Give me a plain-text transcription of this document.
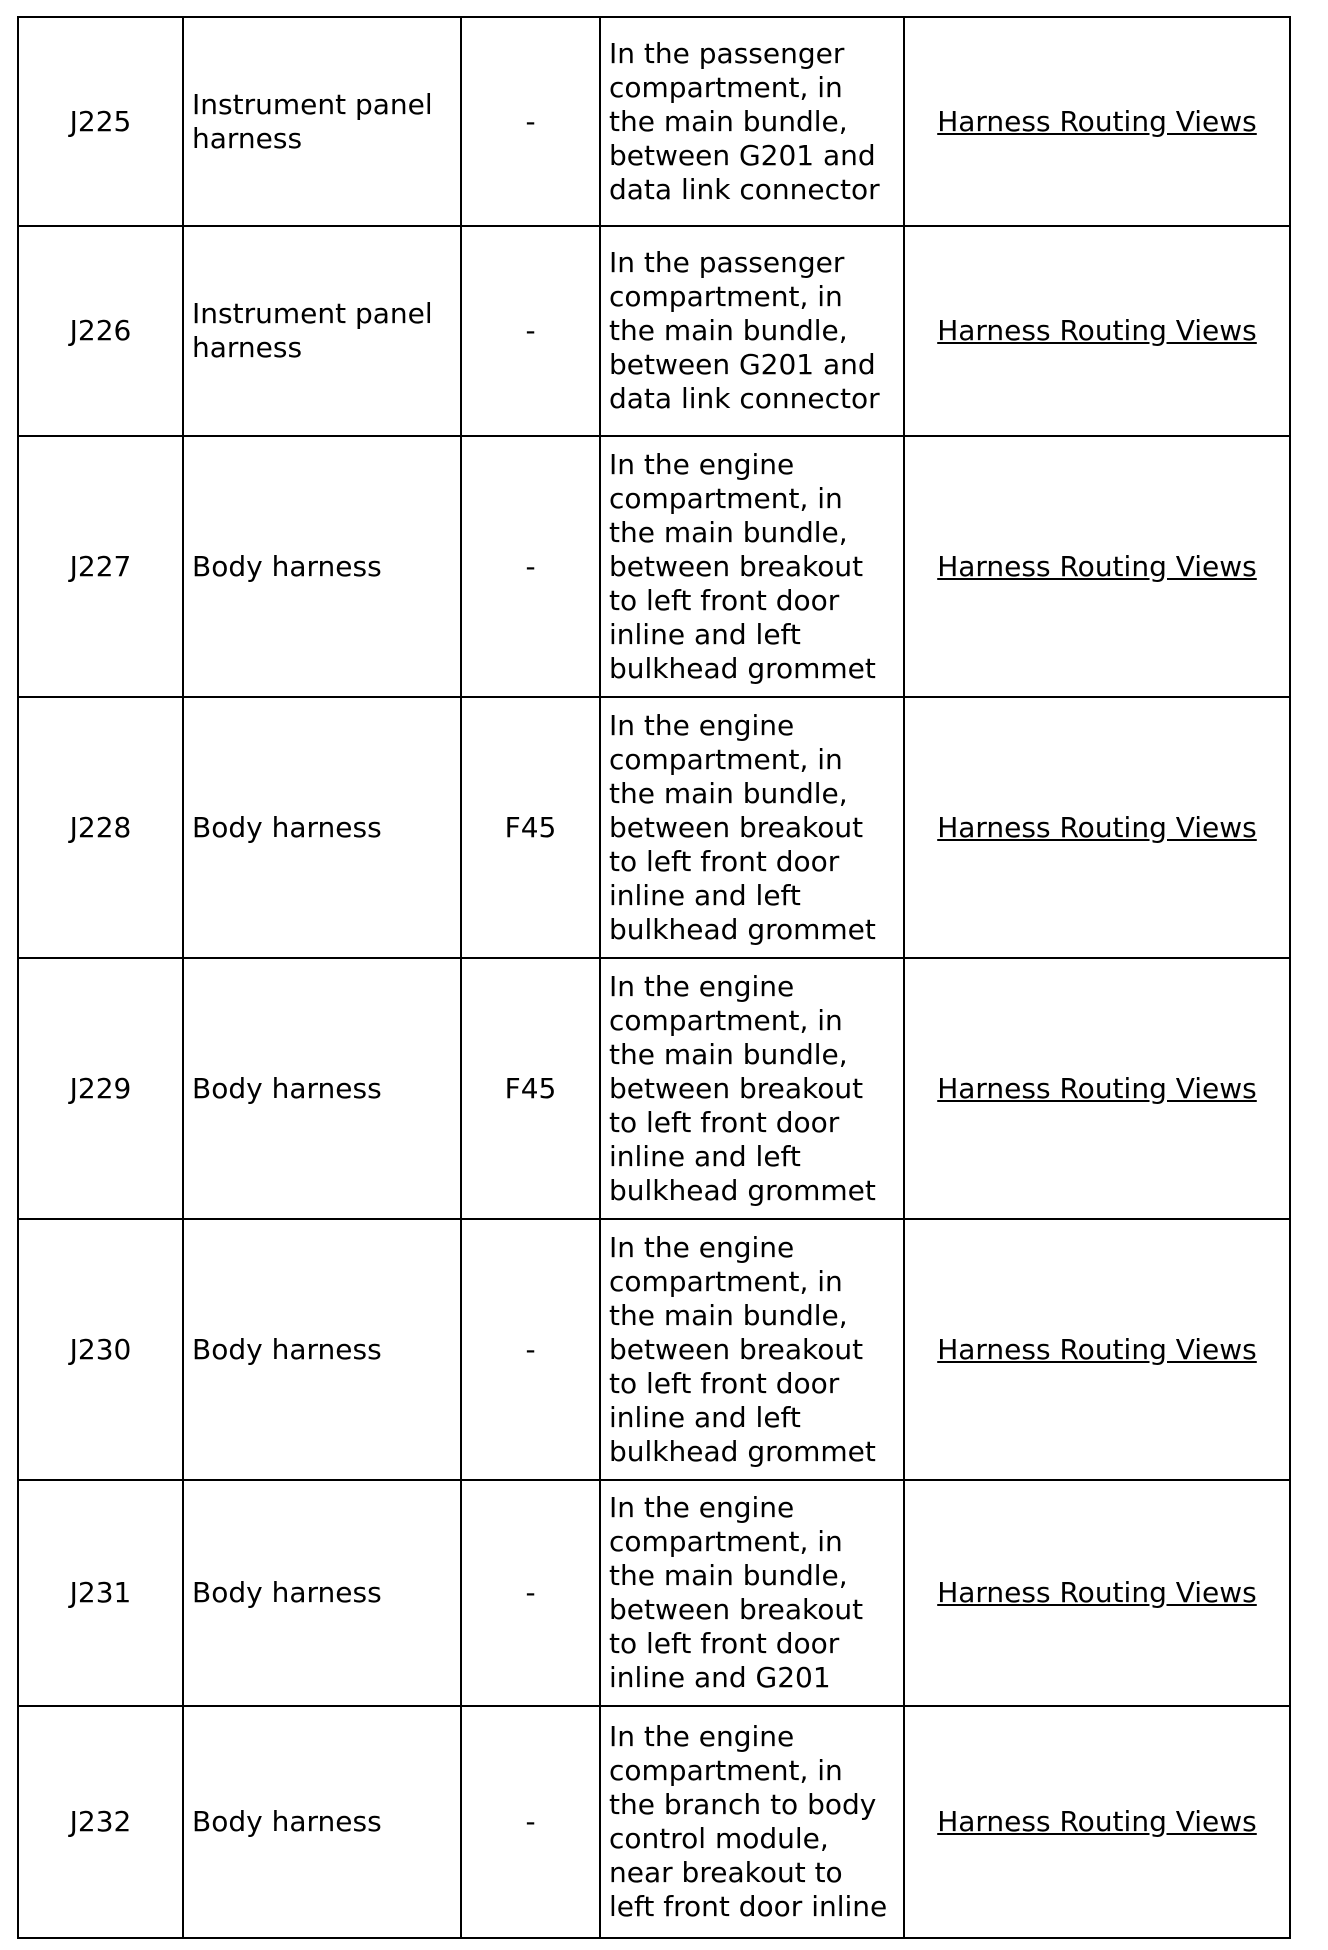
J225	Instrument panel harness	-	In the passenger compartment, in the main bundle, between G201 and data link connector	Harness Routing Views
J226	Instrument panel harness	-	In the passenger compartment, in the main bundle, between G201 and data link connector	Harness Routing Views
J227	Body harness	-	In the engine compartment, in the main bundle, between breakout to left front door inline and left bulkhead grommet	Harness Routing Views
J228	Body harness	F45	In the engine compartment, in the main bundle, between breakout to left front door inline and left bulkhead grommet	Harness Routing Views
J229	Body harness	F45	In the engine compartment, in the main bundle, between breakout to left front door inline and left bulkhead grommet	Harness Routing Views
J230	Body harness	-	In the engine compartment, in the main bundle, between breakout to left front door inline and left bulkhead grommet	Harness Routing Views
J231	Body harness	-	In the engine compartment, in the main bundle, between breakout to left front door inline and G201	Harness Routing Views
J232	Body harness	-	In the engine compartment, in the branch to body control module, near breakout to left front door inline	Harness Routing Views
